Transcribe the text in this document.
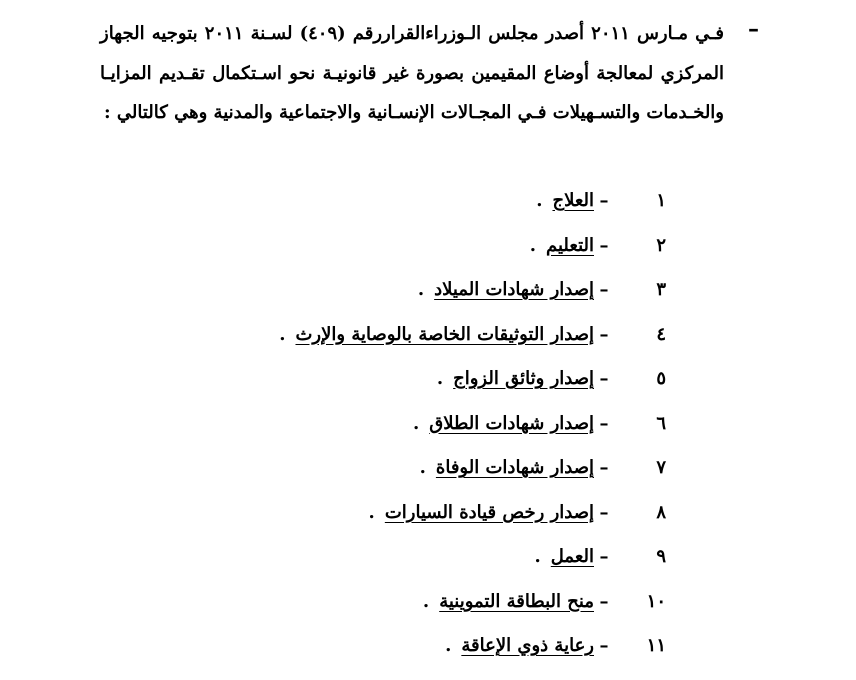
–

فـي مـارس ٢٠١١ أصدر مجلس الـوزراءالقراررقم (٤٠٩) لسـنة ٢٠١١ بتوجيه الجهاز المركزي لمعالجة أوضاع المقيمين بصورة غير قانونيـة نحو اسـتكمال تقـديم المزايـا والخـدمات والتسـهيلات فـي المجـالات الإنسـانية والاجتماعية والمدنية وهي كالتالي :

١
–
العلاج
.
٢
–
التعليم
.
٣
–
إصدار شهادات الميلاد
.
٤
–
إصدار التوثيقات الخاصة بالوصاية والإرث
.
٥
–
إصدار وثائق الزواج
.
٦
–
إصدار شهادات الطلاق
.
٧
–
إصدار شهادات الوفاة
.
٨
–
إصدار رخص قيادة السيارات
.
٩
–
العمل
.
١٠
–
منح البطاقة التموينية
.
١١
–
رعاية ذوي الإعاقة
.
